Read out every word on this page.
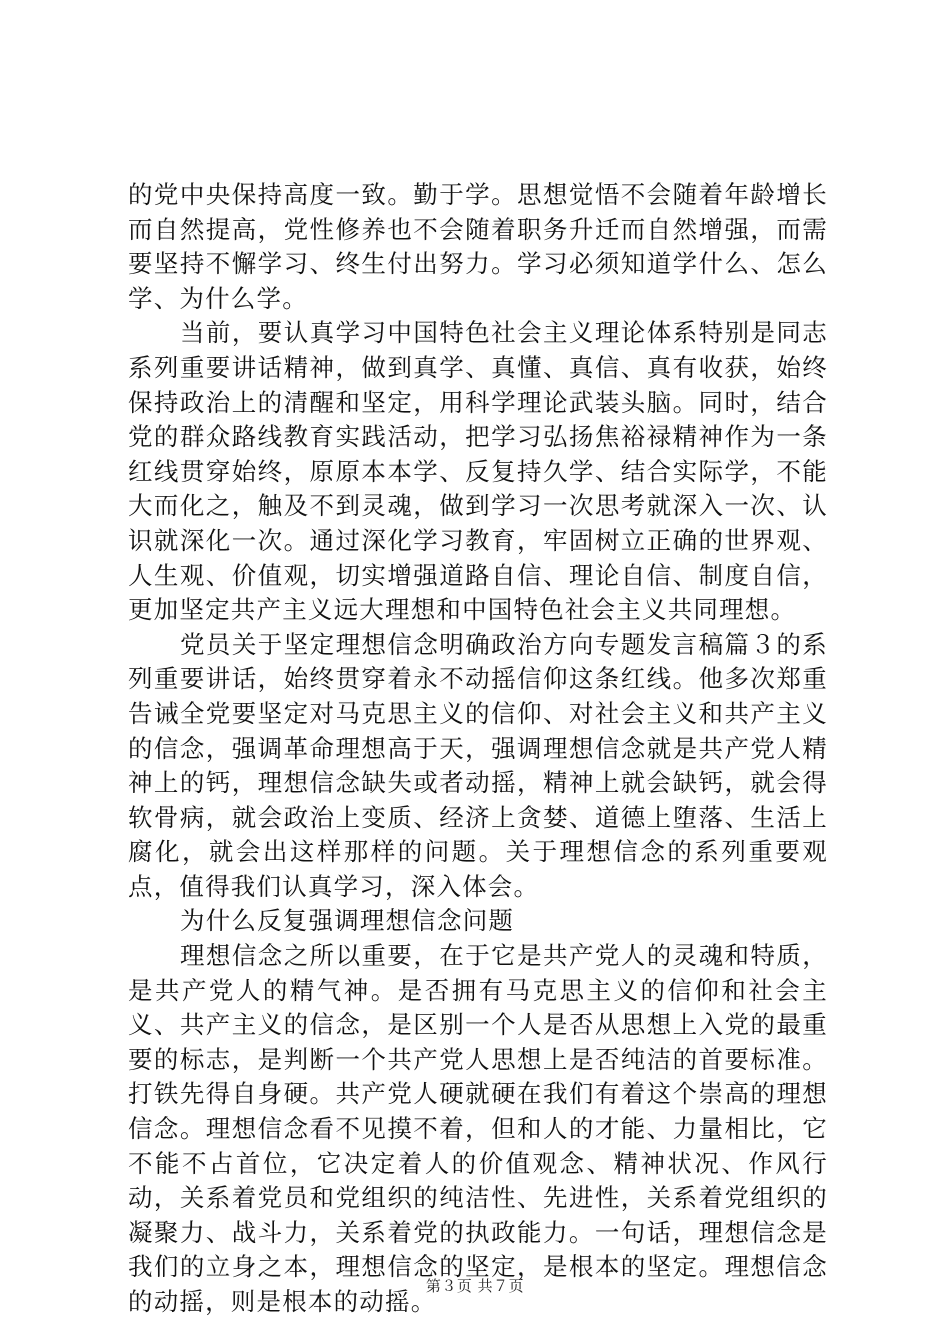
的党中央保持高度一致。勤于学。思想觉悟不会随着年龄增长而自然提高，党性修养也不会随着职务升迁而自然增强，而需要坚持不懈学习、终生付出努力。学习必须知道学什么、怎么学、为什么学。

当前，要认真学习中国特色社会主义理论体系特别是同志系列重要讲话精神，做到真学、真懂、真信、真有收获，始终保持政治上的清醒和坚定，用科学理论武装头脑。同时，结合党的群众路线教育实践活动，把学习弘扬焦裕禄精神作为一条红线贯穿始终，原原本本学、反复持久学、结合实际学，不能大而化之，触及不到灵魂，做到学习一次思考就深入一次、认识就深化一次。通过深化学习教育，牢固树立正确的世界观、人生观、价值观，切实增强道路自信、理论自信、制度自信，更加坚定共产主义远大理想和中国特色社会主义共同理想。

党员关于坚定理想信念明确政治方向专题发言稿篇３的系列重要讲话，始终贯穿着永不动摇信仰这条红线。他多次郑重告诫全党要坚定对马克思主义的信仰、对社会主义和共产主义的信念，强调革命理想高于天，强调理想信念就是共产党人精神上的钙，理想信念缺失或者动摇，精神上就会缺钙，就会得软骨病，就会政治上变质、经济上贪婪、道德上堕落、生活上腐化，就会出这样那样的问题。关于理想信念的系列重要观点，值得我们认真学习，深入体会。

为什么反复强调理想信念问题

理想信念之所以重要，在于它是共产党人的灵魂和特质，是共产党人的精气神。是否拥有马克思主义的信仰和社会主义、共产主义的信念，是区别一个人是否从思想上入党的最重要的标志，是判断一个共产党人思想上是否纯洁的首要标准。打铁先得自身硬。共产党人硬就硬在我们有着这个崇高的理想信念。理想信念看不见摸不着，但和人的才能、力量相比，它不能不占首位，它决定着人的价值观念、精神状况、作风行动，关系着党员和党组织的纯洁性、先进性，关系着党组织的凝聚力、战斗力，关系着党的执政能力。一句话，理想信念是我们的立身之本，理想信念的坚定，是根本的坚定。理想信念的动摇，则是根本的动摇。

第３页 共７页
